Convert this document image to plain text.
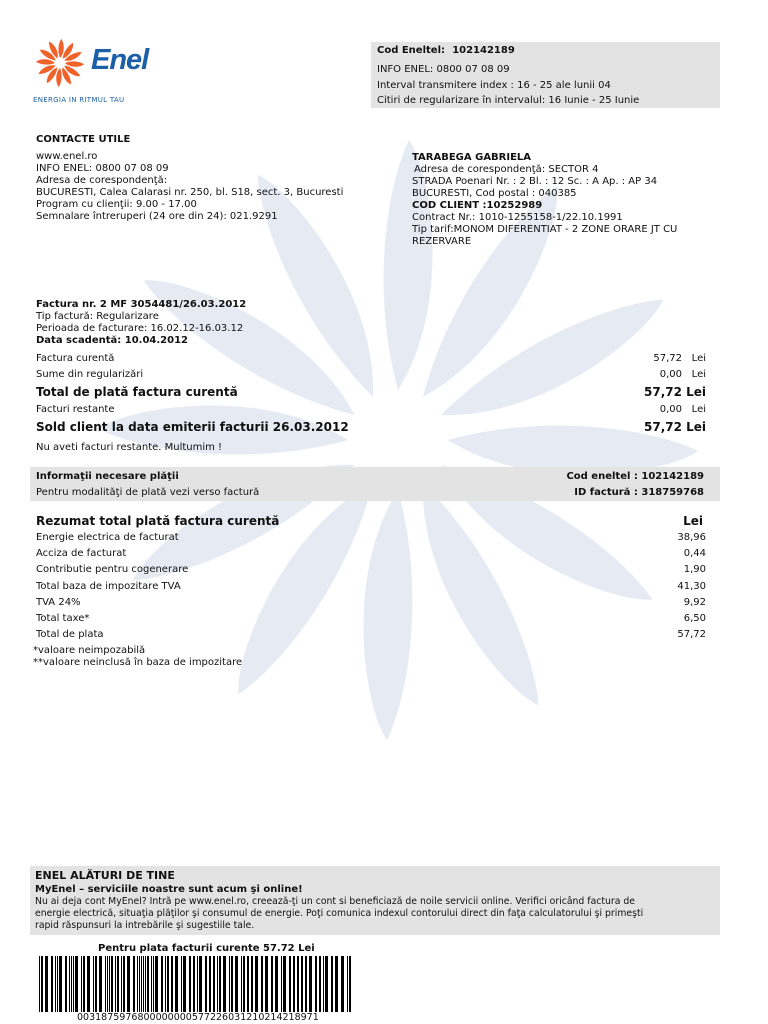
Enel
ENERGIA IN RITMUL TAU
Cod Eneltel: 102142189
INFO ENEL: 0800 07 08 09
Interval transmitere index : 16 - 25 ale lunii 04
Citiri de regularizare în intervalul: 16 Iunie - 25 Iunie
CONTACTE UTILE
www.enel.ro
INFO ENEL: 0800 07 08 09
Adresa de corespondenţă:
BUCURESTI, Calea Calarasi nr. 250, bl. S18, sect. 3, Bucuresti
Program cu clienţii: 9.00 - 17.00
Semnalare întreruperi (24 ore din 24): 021.9291
TARABEGA GABRIELA
Adresa de corespondenţă: SECTOR 4
STRADA Poenari Nr. : 2 Bl. : 12 Sc. : A Ap. : AP 34
BUCURESTI, Cod postal : 040385
COD CLIENT :10252989
Contract Nr.: 1010-1255158-1/22.10.1991
Tip tarif:MONOM DIFERENTIAT - 2 ZONE ORARE JT CU
REZERVARE
Factura nr. 2 MF 3054481/26.03.2012
Tip factură: Regularizare
Perioada de facturare: 16.02.12-16.03.12
Data scadentă: 10.04.2012
Factura curentă	57,72 Lei
Sume din regularizări	0,00 Lei
Total de plată factura curentă	57,72 Lei
Facturi restante	0,00 Lei
Sold client la data emiterii facturii 26.03.2012	57,72 Lei
Nu aveti facturi restante. Multumim !
Informaţii necesare plăţii
Pentru modalităţi de plată vezi verso factură
Cod eneltel : 102142189
ID factură : 318759768
Rezumat total plată factura curentă	Lei
Energie electrica de facturat	38,96
Acciza de facturat	0,44
Contributie pentru cogenerare	1,90
Total baza de impozitare TVA	41,30
TVA 24%	9,92
Total taxe*	6,50
Total de plata	57,72
*valoare neimpozabilă
**valoare neinclusă în baza de impozitare
ENEL ALĂTURI DE TINE
MyEnel – serviciile noastre sunt acum şi online!
Nu ai deja cont MyEnel? Intră pe www.enel.ro, creează-ţi un cont si beneficiază de noile servicii online. Verifici oricând factura de
energie electrică, situaţia plăţilor şi consumul de energie. Poţi comunica indexul contorului direct din faţa calculatorului şi primeşti
rapid răspunsuri la intrebările şi sugestiile tale.
Pentru plata facturii curente 57.72 Lei
0031875976800000000577226031210214218971
